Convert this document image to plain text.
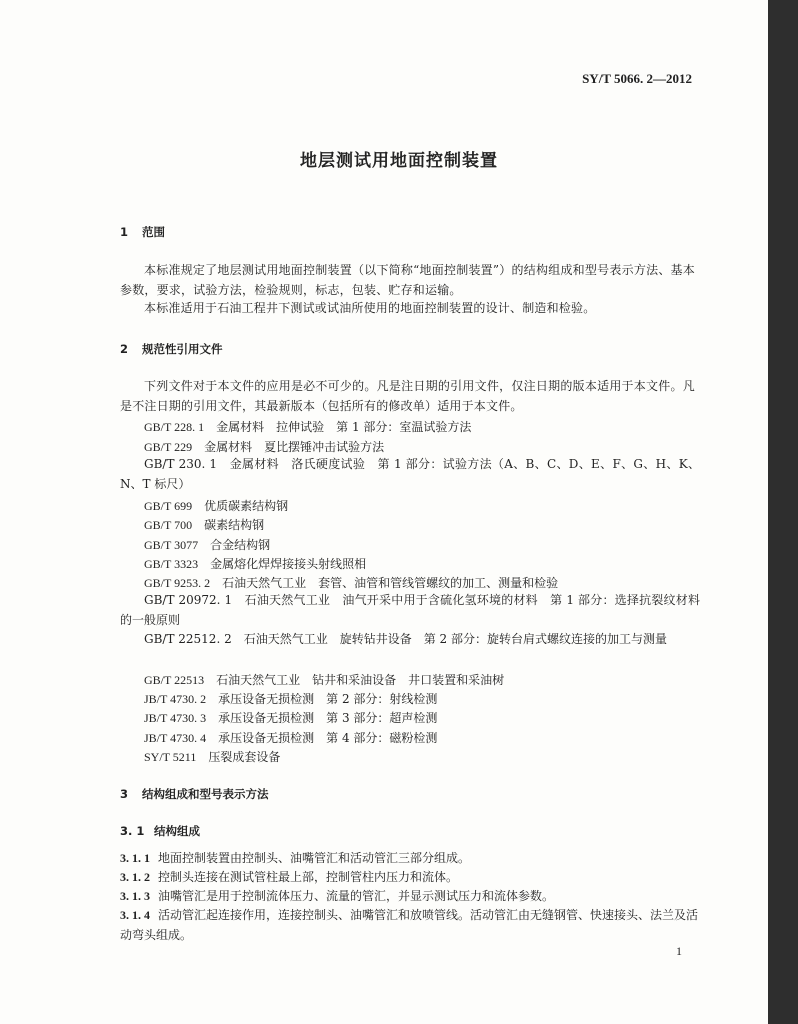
SY/T 5066. 2—2012
地层测试用地面控制装置
1 范围
本标准规定了地层测试用地面控制装置（以下简称“地面控制装置”）的结构组成和型号表示方法、基本参数，要求，试验方法，检验规则，标志，包装、贮存和运输。
本标准适用于石油工程井下测试或试油所使用的地面控制装置的设计、制造和检验。
2 规范性引用文件
下列文件对于本文件的应用是必不可少的。凡是注日期的引用文件，仅注日期的版本适用于本文件。凡是不注日期的引用文件，其最新版本（包括所有的修改单）适用于本文件。
GB/T 228. 1　 金属材料　拉伸试验　第 1 部分：室温试验方法
GB/T 229　 金属材料　夏比摆锤冲击试验方法
GB/T 230. 1　 金属材料　洛氏硬度试验　第 1 部分：试验方法（A、B、C、D、E、F、G、H、K、N、T 标尺）
GB/T 699　 优质碳素结构钢
GB/T 700　 碳素结构钢
GB/T 3077　 合金结构钢
GB/T 3323　 金属熔化焊焊接接头射线照相
GB/T 9253. 2　 石油天然气工业　套管、油管和管线管螺纹的加工、测量和检验
GB/T 20972. 1　 石油天然气工业　油气开采中用于含硫化氢环境的材料　第 1 部分：选择抗裂纹材料的一般原则
GB/T 22512. 2　 石油天然气工业　旋转钻井设备　第 2 部分：旋转台肩式螺纹连接的加工与测量
GB/T 22513　 石油天然气工业　钻井和采油设备　井口装置和采油树
JB/T 4730. 2　 承压设备无损检测　第 2 部分：射线检测
JB/T 4730. 3　 承压设备无损检测　第 3 部分：超声检测
JB/T 4730. 4　 承压设备无损检测　第 4 部分：磁粉检测
SY/T 5211　 压裂成套设备
3 结构组成和型号表示方法
3. 1 结构组成
3. 1. 1 地面控制装置由控制头、油嘴管汇和活动管汇三部分组成。
3. 1. 2 控制头连接在测试管柱最上部，控制管柱内压力和流体。
3. 1. 3 油嘴管汇是用于控制流体压力、流量的管汇，并显示测试压力和流体参数。
3. 1. 4 活动管汇起连接作用，连接控制头、油嘴管汇和放喷管线。活动管汇由无缝钢管、快速接头、法兰及活动弯头组成。
1
